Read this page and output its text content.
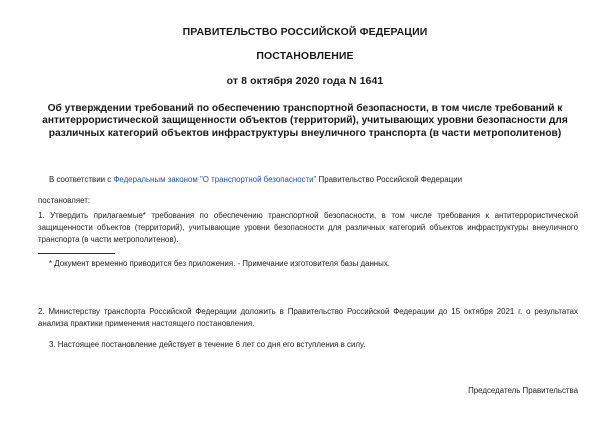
ПРАВИТЕЛЬСТВО РОССИЙСКОЙ ФЕДЕРАЦИИ
ПОСТАНОВЛЕНИЕ
от 8 октября 2020 года N 1641
Об утверждении требований по обеспечению транспортной безопасности, в том числе требований к антитеррористической защищенности объектов (территорий), учитывающих уровни безопасности для различных категорий объектов инфраструктуры внеуличного транспорта (в части метрополитенов)
В соответствии с Федеральным законом "О транспортной безопасности" Правительство Российской Федерации
постановляет:
1. Утвердить прилагаемые* требования по обеспечению транспортной безопасности, в том числе требования к антитеррористической защищенности объектов (территорий), учитывающие уровни безопасности для различных категорий объектов инфраструктуры внеуличного транспорта (в части метрополитенов).
* Документ временно приводится без приложения. - Примечание изготовителя базы данных.
2. Министерству транспорта Российской Федерации доложить в Правительство Российской Федерации до 15 октября 2021 г. о результатах анализа практики применения настоящего постановления.
3. Настоящее постановление действует в течение 6 лет со дня его вступления в силу.
Председатель Правительства
